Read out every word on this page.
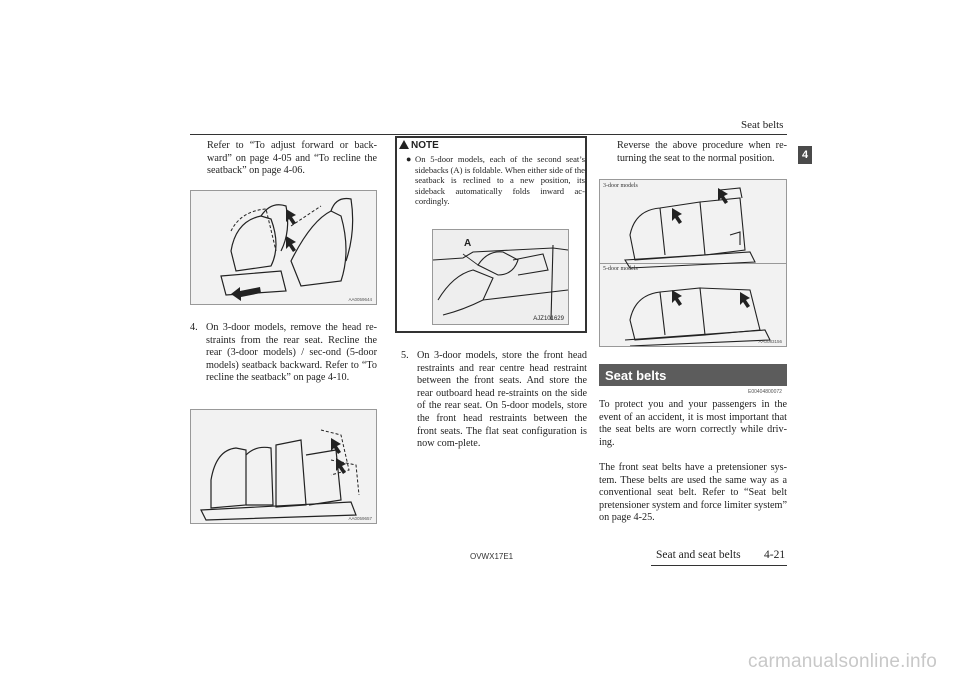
Seat belts
4

Refer to “To adjust forward or back-ward” on page 4-05 and “To recline the seatback” on page 4-06.

AA0059644
4. On 3-door models, remove the head re-straints from the rear seat. Recline the rear (3-door models) / sec-ond (5-door models) seatback backward. Refer to “To recline the seatback” on page 4-10.
AA0059657
NOTE
● On 5-door models, each of the second seat’s sidebacks (A) is foldable. When either side of the seatback is reclined to a new position, its sideback automatically folds inward ac-cordingly.
A
AJZ101629
5. On 3-door models, store the front head restraints and rear centre head restraint between the front seats. And store the rear outboard head re-straints on the side of the rear seat. On 5-door models, store the front head restraints between the front seats. The flat seat configuration is now com-plete.

Reverse the above procedure when re-turning the seat to the normal position.

3-door models
5-door models
AA0083156
Seat belts
E00404800072

To protect you and your passengers in the event of an accident, it is most important that the seat belts are worn correctly while driv-ing.

The front seat belts have a pretensioner sys-tem. These belts are used the same way as a conventional seat belt. Refer to “Seat belt pretensioner system and force limiter system” on page 4-25.

OVWX17E1	Seat and seat belts 4-21
carmanualsonline.info
